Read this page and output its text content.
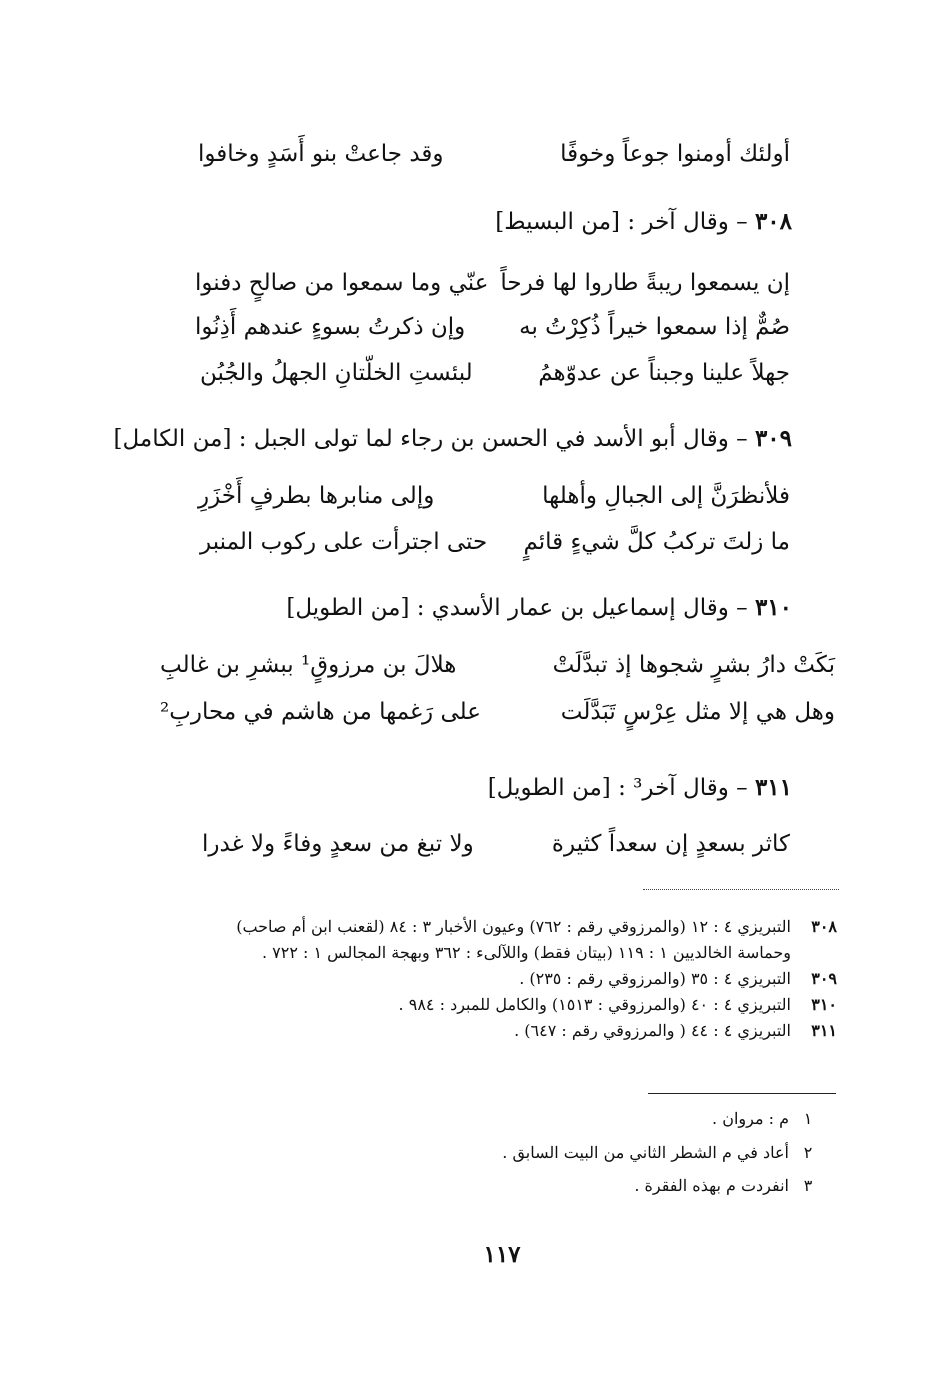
أولئك أومنوا جوعاً وخوفًا
وقد جاعتْ بنو أَسَدٍ وخافوا
٣٠٨ – وقال آخر : [من البسيط]
إن يسمعوا ريبةً طاروا لها فرحاً
عنّي وما سمعوا من صالحٍ دفنوا
صُمٌّ إذا سمعوا خيراً ذُكِرْتُ به
وإن ذكرتُ بسوءٍ عندهم أَذِنُوا
جهلاً علينا وجبناً عن عدوّهمُ
لبئستِ الخلّتانِ الجهلُ والجُبُن
٣٠٩ – وقال أبو الأسد في الحسن بن رجاء لما تولى الجبل : [من الكامل]
فلأنظرَنَّ إلى الجبالِ وأهلها
وإلى منابرها بطرفٍ أَخْزَرِ
ما زلتَ تركبُ كلَّ شيءٍ قائمٍ
حتى اجترأت على ركوب المنبر
٣١٠ – وقال إسماعيل بن عمار الأسدي : [من الطويل]
بَكَتْ دارُ بشرٍ شجوها إذ تبدَّلَتْ
هلالَ بن مرزوقٍ¹ ببشرِ بن غالبِ
وهل هي إلا مثل عِرْسٍ تَبَدَّلَت
على رَغمها من هاشم في محاربِ²
٣١١ – وقال آخر³ : [من الطويل]
كاثر بسعدٍ إن سعداً كثيرة
ولا تبغ من سعدٍ وفاءً ولا غدرا
٣٠٨التبريزي ٤ : ١٢ (والمرزوقي رقم : ٧٦٢) وعيون الأخبار ٣ : ٨٤ (لقعنب ابن أم صاحب)
وحماسة الخالديين ١ : ١١٩ (بيتان فقط) واللآلىء : ٣٦٢ وبهجة المجالس ١ : ٧٢٢ .
٣٠٩التبريزي ٤ : ٣٥ (والمرزوقي رقم : ٢٣٥) .
٣١٠التبريزي ٤ : ٤٠ (والمرزوقي : ١٥١٣) والكامل للمبرد : ٩٨٤ .
٣١١التبريزي ٤ : ٤٤ ( والمرزوقي رقم : ٦٤٧) .
١م : مروان .
٢أعاد في م الشطر الثاني من البيت السابق .
٣انفردت م بهذه الفقرة .
١١٧
